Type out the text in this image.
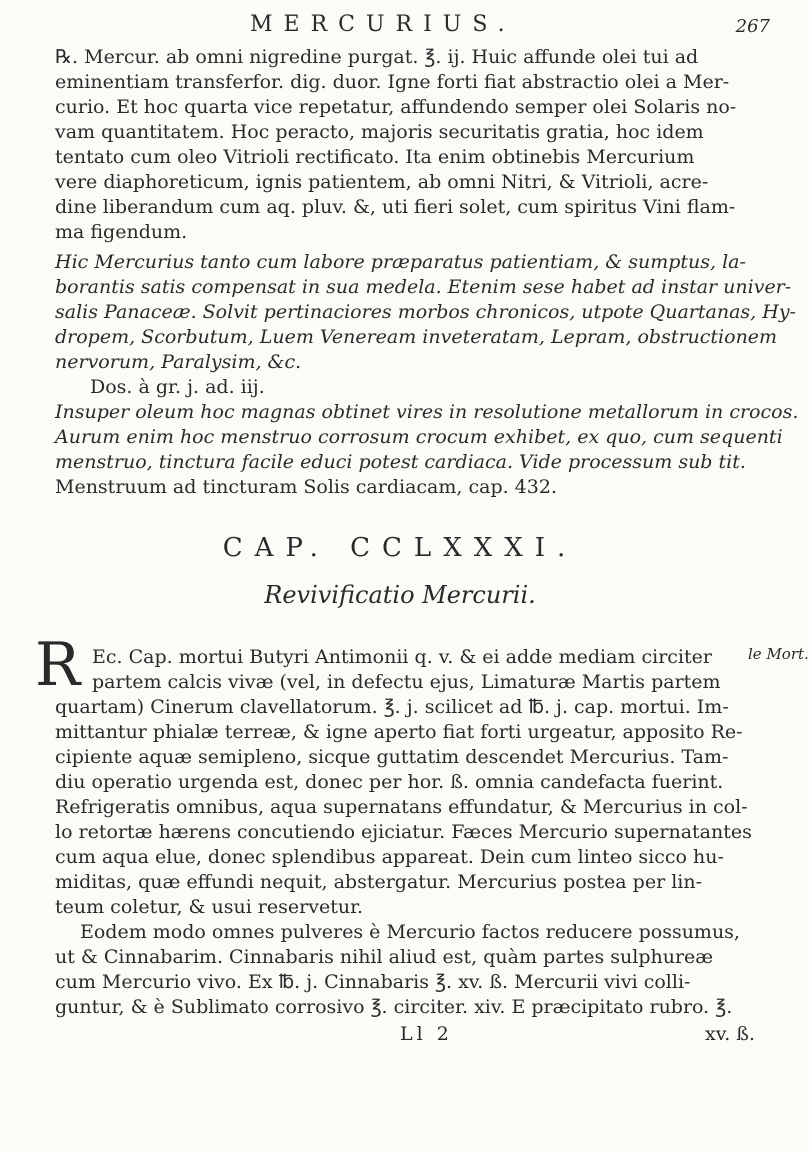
MERCURIUS.	267
℞. Mercur. ab omni nigredine purgat. ℥. ij. Huic affunde olei tui ad
eminentiam transferfor. dig. duor. Igne forti fiat abstractio olei a Mer-
curio. Et hoc quarta vice repetatur, affundendo semper olei Solaris no-
vam quantitatem. Hoc peracto, majoris securitatis gratia, hoc idem
tentato cum oleo Vitrioli rectificato. Ita enim obtinebis Mercurium
vere diaphoreticum, ignis patientem, ab omni Nitri, & Vitrioli, acre-
dine liberandum cum aq. pluv. &, uti fieri solet, cum spiritus Vini flam-
ma figendum.
Hic Mercurius tanto cum labore præparatus patientiam, & sumptus, la-
borantis satis compensat in sua medela. Etenim sese habet ad instar univer-
salis Panaceæ. Solvit pertinaciores morbos chronicos, utpote Quartanas, Hy-
dropem, Scorbutum, Luem Veneream inveteratam, Lepram, obstructionem
nervorum, Paralysim, &c.
Dos. à gr. j. ad. iij.
Insuper oleum hoc magnas obtinet vires in resolutione metallorum in crocos.
Aurum enim hoc menstruo corrosum crocum exhibet, ex quo, cum sequenti
menstruo, tinctura facile educi potest cardiaca. Vide processum sub tit.
Menstruum ad tincturam Solis cardiacam, cap. 432.
CAP. CCLXXXI.
Revivificatio Mercurii.
R	le Mort.
Ec. Cap. mortui Butyri Antimonii q. v. & ei adde mediam circiter
partem calcis vivæ (vel, in defectu ejus, Limaturæ Martis partem
quartam) Cinerum clavellatorum. ℥. j. scilicet ad ℔. j. cap. mortui. Im-
mittantur phialæ terreæ, & igne aperto fiat forti urgeatur, apposito Re-
cipiente aquæ semipleno, sicque guttatim descendet Mercurius. Tam-
diu operatio urgenda est, donec per hor. ß. omnia candefacta fuerint.
Refrigeratis omnibus, aqua supernatans effundatur, & Mercurius in col-
lo retortæ hærens concutiendo ejiciatur. Fæces Mercurio supernatantes
cum aqua elue, donec splendibus appareat. Dein cum linteo sicco hu-
miditas, quæ effundi nequit, abstergatur. Mercurius postea per lin-
teum coletur, & usui reservetur.
Eodem modo omnes pulveres è Mercurio factos reducere possumus,
ut & Cinnabarim. Cinnabaris nihil aliud est, quàm partes sulphureæ
cum Mercurio vivo. Ex ℔. j. Cinnabaris ℥. xv. ß. Mercurii vivi colli-
guntur, & è Sublimato corrosivo ℥. circiter. xiv. E præcipitato rubro. ℥.
Ll 2	xv. ß.
